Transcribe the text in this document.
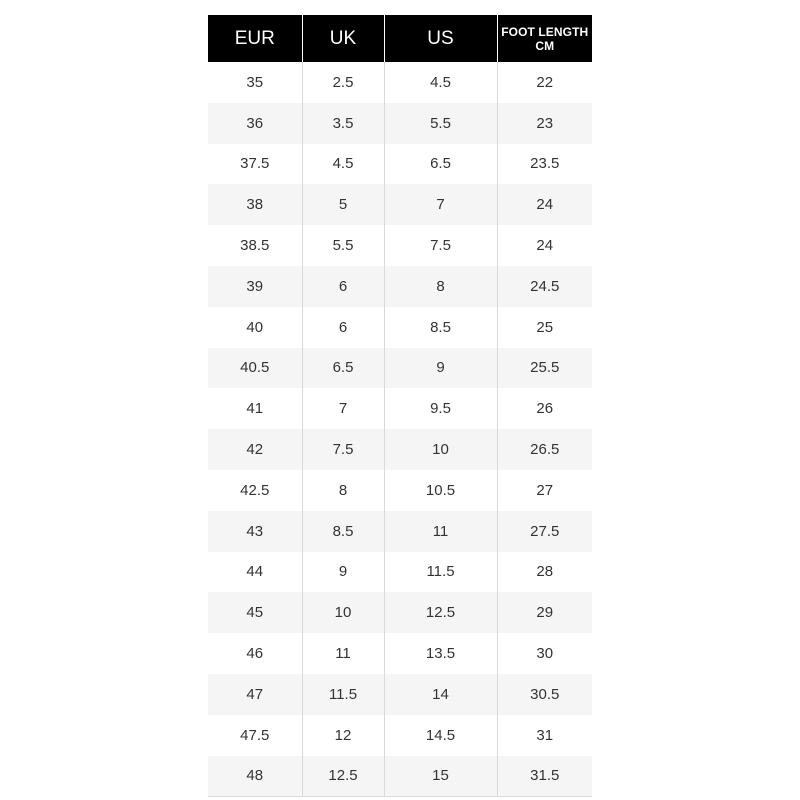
EUR	UK	US	FOOT LENGTH
CM

35	2.5	4.5	22
36	3.5	5.5	23
37.5	4.5	6.5	23.5
38	5	7	24
38.5	5.5	7.5	24
39	6	8	24.5
40	6	8.5	25
40.5	6.5	9	25.5
41	7	9.5	26
42	7.5	10	26.5
42.5	8	10.5	27
43	8.5	11	27.5
44	9	11.5	28
45	10	12.5	29
46	11	13.5	30
47	11.5	14	30.5
47.5	12	14.5	31
48	12.5	15	31.5
